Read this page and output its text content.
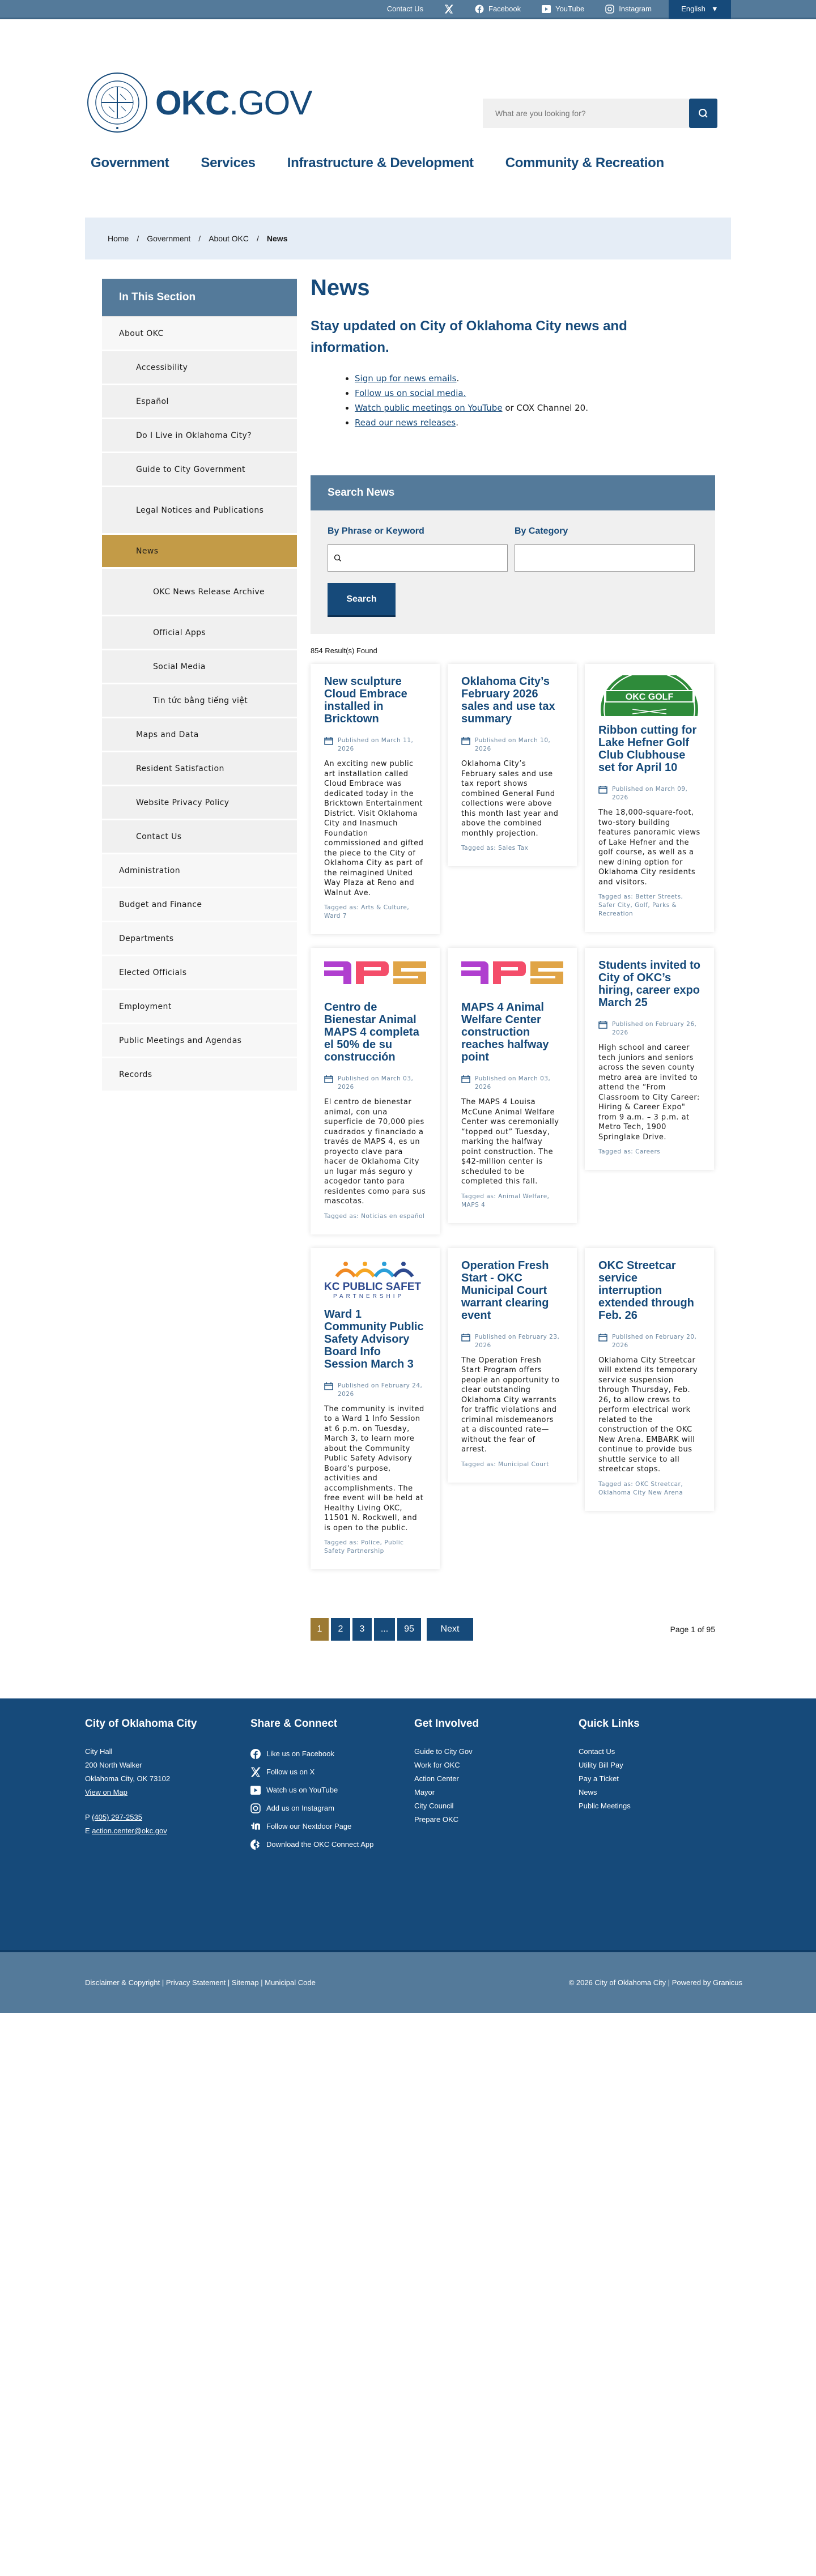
Contact Us	Facebook	YouTube	Instagram	English ▼
OKC.GOV
What are you looking for?
Government Services Infrastructure & Development Community & Recreation
Home / Government / About OKC / News
In This Section
About OKC
Accessibility
Español
Do I Live in Oklahoma City?
Guide to City Government
Legal Notices and Publications
News
OKC News Release Archive
Official Apps
Social Media
Tin tức bằng tiếng việt
Maps and Data
Resident Satisfaction
Website Privacy Policy
Contact Us
Administration
Budget and Finance
Departments
Elected Officials
Employment
Public Meetings and Agendas
Records
News
Stay updated on City of Oklahoma City news and information.
• Sign up for news emails.
• Follow us on social media.
• Watch public meetings on YouTube or COX Channel 20.
• Read our news releases.
Search News
By Phrase or Keyword	By Category
Search
854 Result(s) Found
New sculpture Cloud Embrace installed in Bricktown
Published on March 11, 2026

An exciting new public art installation called Cloud Embrace was dedicated today in the Bricktown Entertainment District. Visit Oklahoma City and Inasmuch Foundation commissioned and gifted the piece to the City of Oklahoma City as part of the reimagined United Way Plaza at Reno and Walnut Ave.

Tagged as: Arts & Culture, Ward 7
Oklahoma City’s February 2026 sales and use tax summary
Published on March 10, 2026

Oklahoma City’s February sales and use tax report shows combined General Fund collections were above this month last year and above the combined monthly projection.

Tagged as: Sales Tax
OKC GOLF
Ribbon cutting for Lake Hefner Golf Club Clubhouse set for April 10
Published on March 09, 2026

The 18,000-square-foot, two-story building features panoramic views of Lake Hefner and the golf course, as well as a new dining option for Oklahoma City residents and visitors.

Tagged as: Better Streets, Safer City, Golf, Parks & Recreation
Centro de Bienestar Animal MAPS 4 completa el 50% de su construcción
Published on March 03, 2026

El centro de bienestar animal, con una superficie de 70,000 pies cuadrados y financiado a través de MAPS 4, es un proyecto clave para hacer de Oklahoma City un lugar más seguro y acogedor tanto para residentes como para sus mascotas.

Tagged as: Noticias en español
MAPS 4 Animal Welfare Center construction reaches halfway point
Published on March 03, 2026

The MAPS 4 Louisa McCune Animal Welfare Center was ceremonially “topped out” Tuesday, marking the halfway point construction. The $42-million center is scheduled to be completed this fall.

Tagged as: Animal Welfare, MAPS 4
Students invited to City of OKC’s hiring, career expo March 25
Published on February 26, 2026

High school and career tech juniors and seniors across the seven county metro area are invited to attend the “From Classroom to City Career: Hiring & Career Expo" from 9 a.m. – 3 p.m. at Metro Tech, 1900 Springlake Drive.

Tagged as: Careers
KC PUBLIC SAFET
PARTNERSHIP
Ward 1 Community Public Safety Advisory Board Info Session March 3
Published on February 24, 2026

The community is invited to a Ward 1 Info Session at 6 p.m. on Tuesday, March 3, to learn more about the Community Public Safety Advisory Board's purpose, activities and accomplishments. The free event will be held at Healthy Living OKC, 11501 N. Rockwell, and is open to the public.

Tagged as: Police, Public Safety Partnership
Operation Fresh Start - OKC Municipal Court warrant clearing event
Published on February 23, 2026

The Operation Fresh Start Program offers people an opportunity to clear outstanding Oklahoma City warrants for traffic violations and criminal misdemeanors at a discounted rate—without the fear of arrest.

Tagged as: Municipal Court
OKC Streetcar service interruption extended through Feb. 26
Published on February 20, 2026

Oklahoma City Streetcar will extend its temporary service suspension through Thursday, Feb. 26, to allow crews to perform electrical work related to the construction of the OKC New Arena. EMBARK will continue to provide bus shuttle service to all streetcar stops.

Tagged as: OKC Streetcar, Oklahoma City New Arena
1	2	3	...	95	Next	Page 1 of 95
City of Oklahoma City
City Hall
200 North Walker
Oklahoma City, OK 73102
View on Map
P (405) 297-2535
E action.center@okc.gov
Share & Connect
Like us on Facebook
Follow us on X
Watch us on YouTube
Add us on Instagram
Follow our Nextdoor Page
Download the OKC Connect App
Get Involved
Guide to City Gov
Work for OKC
Action Center
Mayor
City Council
Prepare OKC
Quick Links
Contact Us
Utility Bill Pay
Pay a Ticket
News
Public Meetings
Disclaimer & Copyright | Privacy Statement | Sitemap | Municipal Code	© 2026 City of Oklahoma City | Powered by Granicus
